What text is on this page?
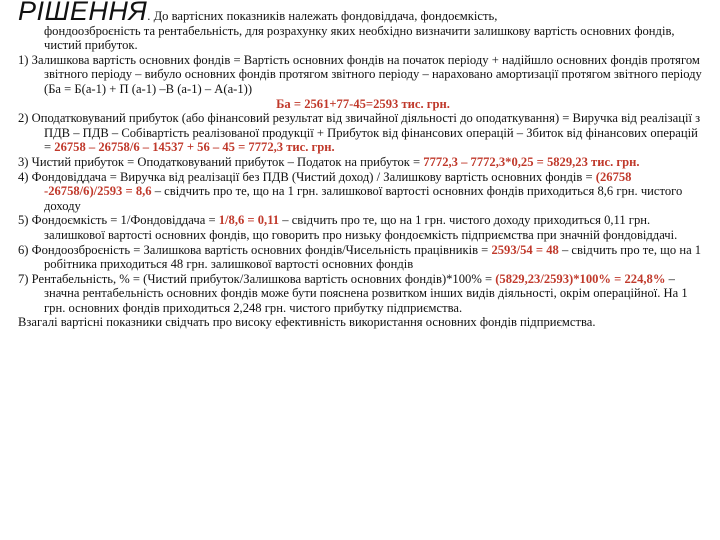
РІШЕННЯ. До вартісних показників належать фондовіддача, фондоємкість,

фондоозброєність та рентабельність, для розрахунку яких необхідно визначити залишкову вартість основних фондів, чистий прибуток.

1) Залишкова вартість основних фондів = Вартість основних фондів на початок періоду + надійшло основних фондів протягом звітного періоду – вибуло основних фондів протягом звітного періоду – нараховано амортизації протягом звітного періоду (Ба = Б(а-1) + П (а-1) –В (а-1) – А(а-1))

Ба = 2561+77-45=2593 тис. грн.

2) Оподатковуваний прибуток (або фінансовий результат від звичайної діяльності до оподаткування) = Виручка від реалізації з ПДВ – ПДВ – Собівартість реалізованої продукції + Прибуток від фінансових операцій – Збиток від фінансових операцій = 26758 – 26758/6 – 14537 + 56 – 45 = 7772,3 тис. грн.

3) Чистий прибуток = Оподатковуваний прибуток – Податок на прибуток = 7772,3 – 7772,3*0,25 = 5829,23 тис. грн.

4) Фондовіддача = Виручка від реалізації без ПДВ (Чистий доход) / Залишкову вартість основних фондів = (26758 -26758/6)/2593 = 8,6 – свідчить про те, що на 1 грн. залишкової вартості основних фондів приходиться 8,6 грн. чистого доходу

5) Фондоємкість = 1/Фондовіддача = 1/8,6 = 0,11 – свідчить про те, що на 1 грн. чистого доходу приходиться 0,11 грн. залишкової вартості основних фондів, що говорить про низьку фондоємкість підприємства при значній фондовіддачі.

6) Фондоозброєність = Залишкова вартість основних фондів/Чисельність працівників = 2593/54 = 48 – свідчить про те, що на 1 робітника приходиться 48 грн. залишкової вартості основних фондів

7) Рентабельність, % = (Чистий прибуток/Залишкова вартість основних фондів)*100% = (5829,23/2593)*100% = 224,8% – значна рентабельність основних фондів може бути пояснена розвитком інших видів діяльності, окрім операційної. На 1 грн. основних фондів приходиться 2,248 грн. чистого прибутку підприємства.

Взагалі вартісні показники свідчать про високу ефективність використання основних фондів підприємства.
